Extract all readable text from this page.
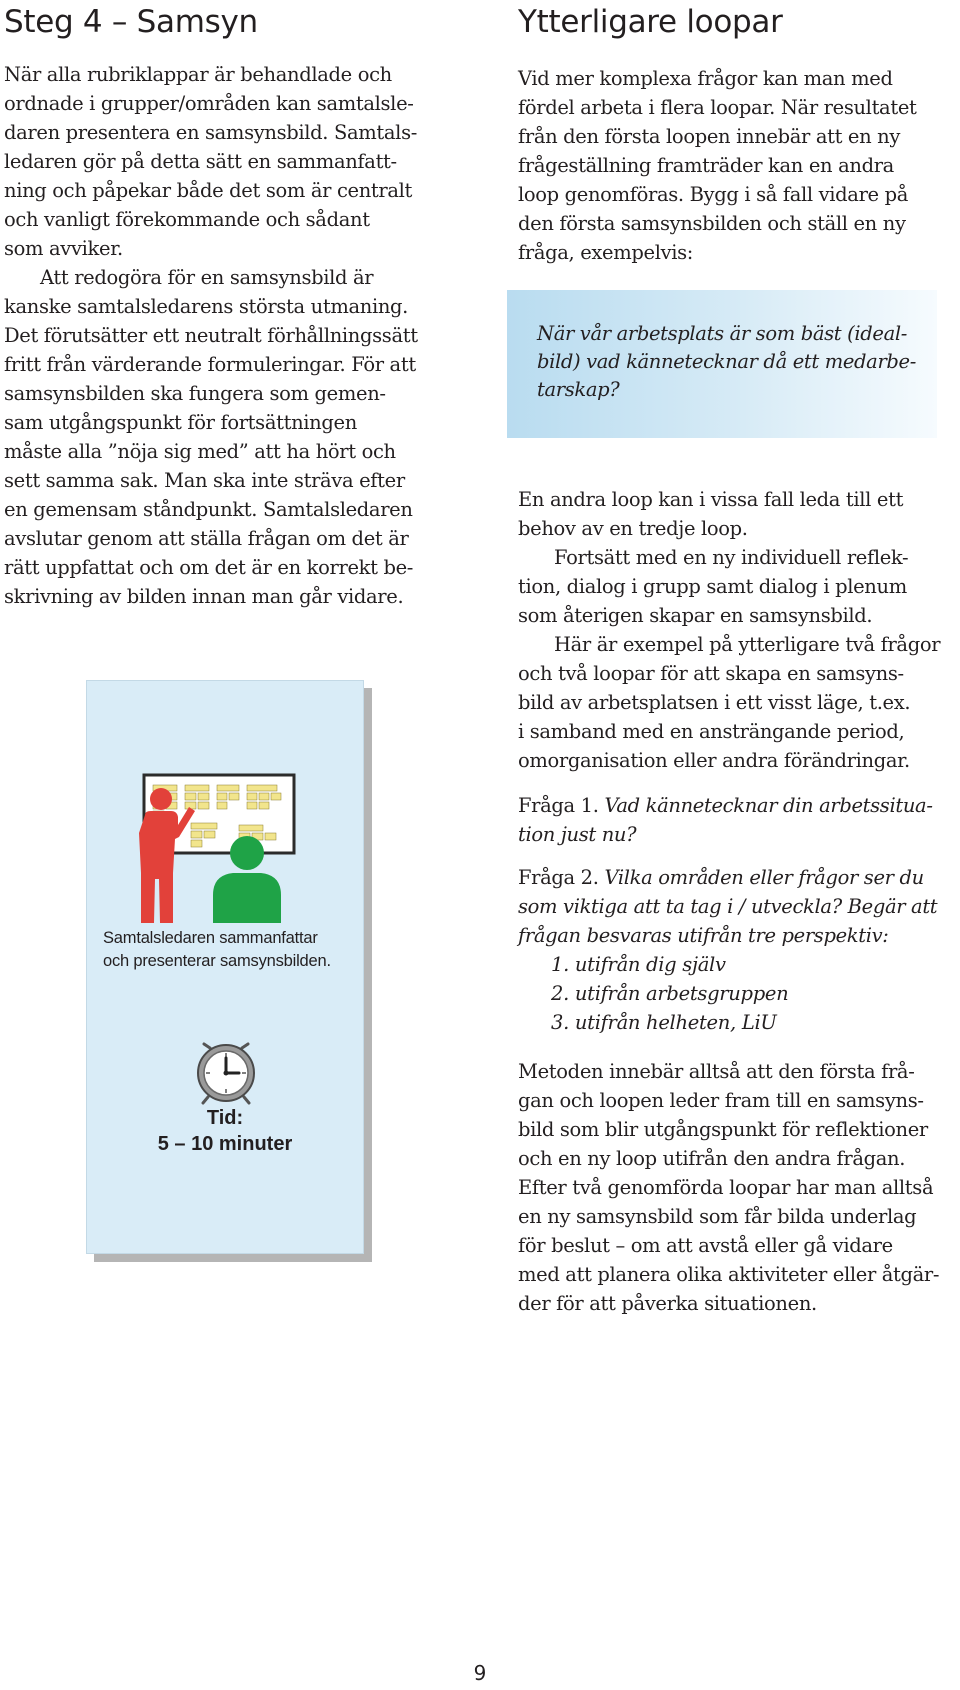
Steg 4 – Samsyn

När alla rubriklappar är behandlade och
ordnade i grupper/områden kan samtalsle-
daren presentera en samsynsbild. Samtals-
ledaren gör på detta sätt en sammanfatt-
ning och påpekar både det som är centralt
och vanligt förekommande och sådant
som avviker.

Att redogöra för en samsynsbild är
kanske samtalsledarens största utmaning.
Det förutsätter ett neutralt förhållningssätt
fritt från värderande formuleringar. För att
samsynsbilden ska fungera som gemen-
sam utgångspunkt för fortsättningen
måste alla ”nöja sig med” att ha hört och
sett samma sak. Man ska inte sträva efter
en gemensam ståndpunkt. Samtalsledaren
avslutar genom att ställa frågan om det är
rätt uppfattat och om det är en korrekt be-
skrivning av bilden innan man går vidare.

Samtalsledaren sammanfattar
och presenterar samsynsbilden.
Tid:
5 – 10 minuter
Ytterligare loopar

Vid mer komplexa frågor kan man med
fördel arbeta i flera loopar. När resultatet
från den första loopen innebär att en ny
frågeställning framträder kan en andra
loop genomföras. Bygg i så fall vidare på
den första samsynsbilden och ställ en ny
fråga, exempelvis:

En andra loop kan i vissa fall leda till ett
behov av en tredje loop.

Fortsätt med en ny individuell reflek-
tion, dialog i grupp samt dialog i plenum
som återigen skapar en samsynsbild.

Här är exempel på ytterligare två frågor
och två loopar för att skapa en samsyns-
bild av arbetsplatsen i ett visst läge, t.ex.
i samband med en ansträngande period,
omorganisation eller andra förändringar.

Fråga 1. Vad kännetecknar din arbetssitua-
tion just nu?

Fråga 2. Vilka områden eller frågor ser du
som viktiga att ta tag i / utveckla? Begär att
frågan besvaras utifrån tre perspektiv:

1. utifrån dig själv
2. utifrån arbetsgruppen
3. utifrån helheten, LiU

Metoden innebär alltså att den första frå-
gan och loopen leder fram till en samsyns-
bild som blir utgångspunkt för reflektioner
och en ny loop utifrån den andra frågan.
Efter två genomförda loopar har man alltså
en ny samsynsbild som får bilda underlag
för beslut – om att avstå eller gå vidare
med att planera olika aktiviteter eller åtgär-
der för att påverka situationen.

När vår arbetsplats är som bäst (ideal-
bild) vad kännetecknar då ett medarbe-
tarskap?

9
